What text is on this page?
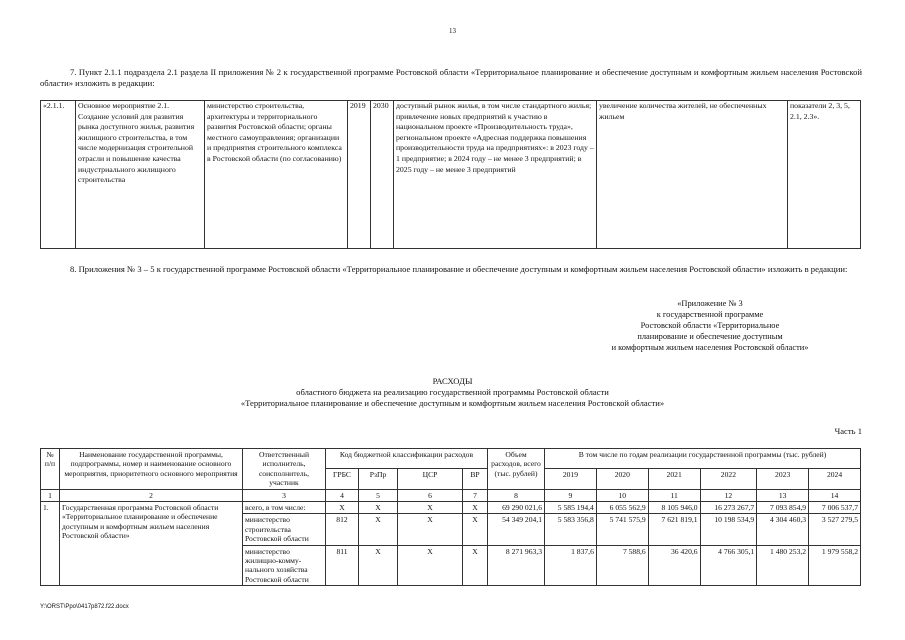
13
7. Пункт 2.1.1 подраздела 2.1 раздела II приложения № 2 к государственной программе Ростовской области «Территориальное планирование и обеспечение доступным и комфортным жильем населения Ростовской области» изложить в редакции:
«2.1.1.	Основное мероприятие 2.1. Создание условий для развития рынка доступного жилья, развития жилищного строительства, в том числе модернизация строительной отрасли и повышение качества индустриального жилищного строительства	министерство строительства, архитектуры и территориального развития Ростовской области; органы местного самоуправления; организации и предприятия строительного комплекса в Ростовской области (по согласованию)	2019	2030	доступный рынок жилья, в том числе стандартного жилья; привлечение новых предприятий к участию в национальном проекте «Производительность труда», региональном проекте «Адресная поддержка повышения производительности труда на предприятиях»: в 2023 году – 1 предприятие; в 2024 году – не менее 3 предприятий; в 2025 году – не менее 3 предприятий	увеличение количества жителей, не обеспеченных жильем	показатели 2, 3, 5, 2.1, 2.3».
8. Приложения № 3 – 5 к государственной программе Ростовской области «Территориальное планирование и обеспечение доступным и комфортным жильем населения Ростовской области» изложить в редакции:
«Приложение № 3
к государственной программе
Ростовской области «Территориальное
планирование и обеспечение доступным
и комфортным жильем населения Ростовской области»
РАСХОДЫ
областного бюджета на реализацию государственной программы Ростовской области
«Территориальное планирование и обеспечение доступным и комфортным жильем населения Ростовской области»
Часть 1
№ п/п	Наименование государственной программы, подпрограммы, номер и наименование основного мероприятия, приоритетного основного мероприятия	Ответственный исполнитель, соисполнитель, участник	Код бюджетной классификации расходов				Объем расходов, всего (тыс. рублей)	В том числе по годам реализации государственной программы (тыс. рублей)					
			ГРБС	РзПр	ЦСР	ВР		2019	2020	2021	2022	2023	2024
1	2	3	4	5	6	7	8	9	10	11	12	13	14
1.	Государственная программа Ростовской области «Территориальное планирование и обеспечение доступным и комфортным жильем населения Ростовской области»	всего, в том числе:	X	X	X	X	69 290 021,6	5 585 194,4	6 055 562,9	8 105 946,0	16 273 267,7	7 093 854,9	7 006 537,7
		министерство строительства Ростовской области	812	X	X	X	54 349 204,1	5 583 356,8	5 741 575,9	7 621 819,1	10 198 534,9	4 304 460,3	3 527 279,5
		министерство жилищно-комму-нального хозяйства Ростовской области	811	X	X	X	8 271 963,3	1 837,6	7 588,6	36 420,6	4 766 305,1	1 480 253,2	1 979 558,2
Y:\ORST\Ppo\0417p872.f22.docx
